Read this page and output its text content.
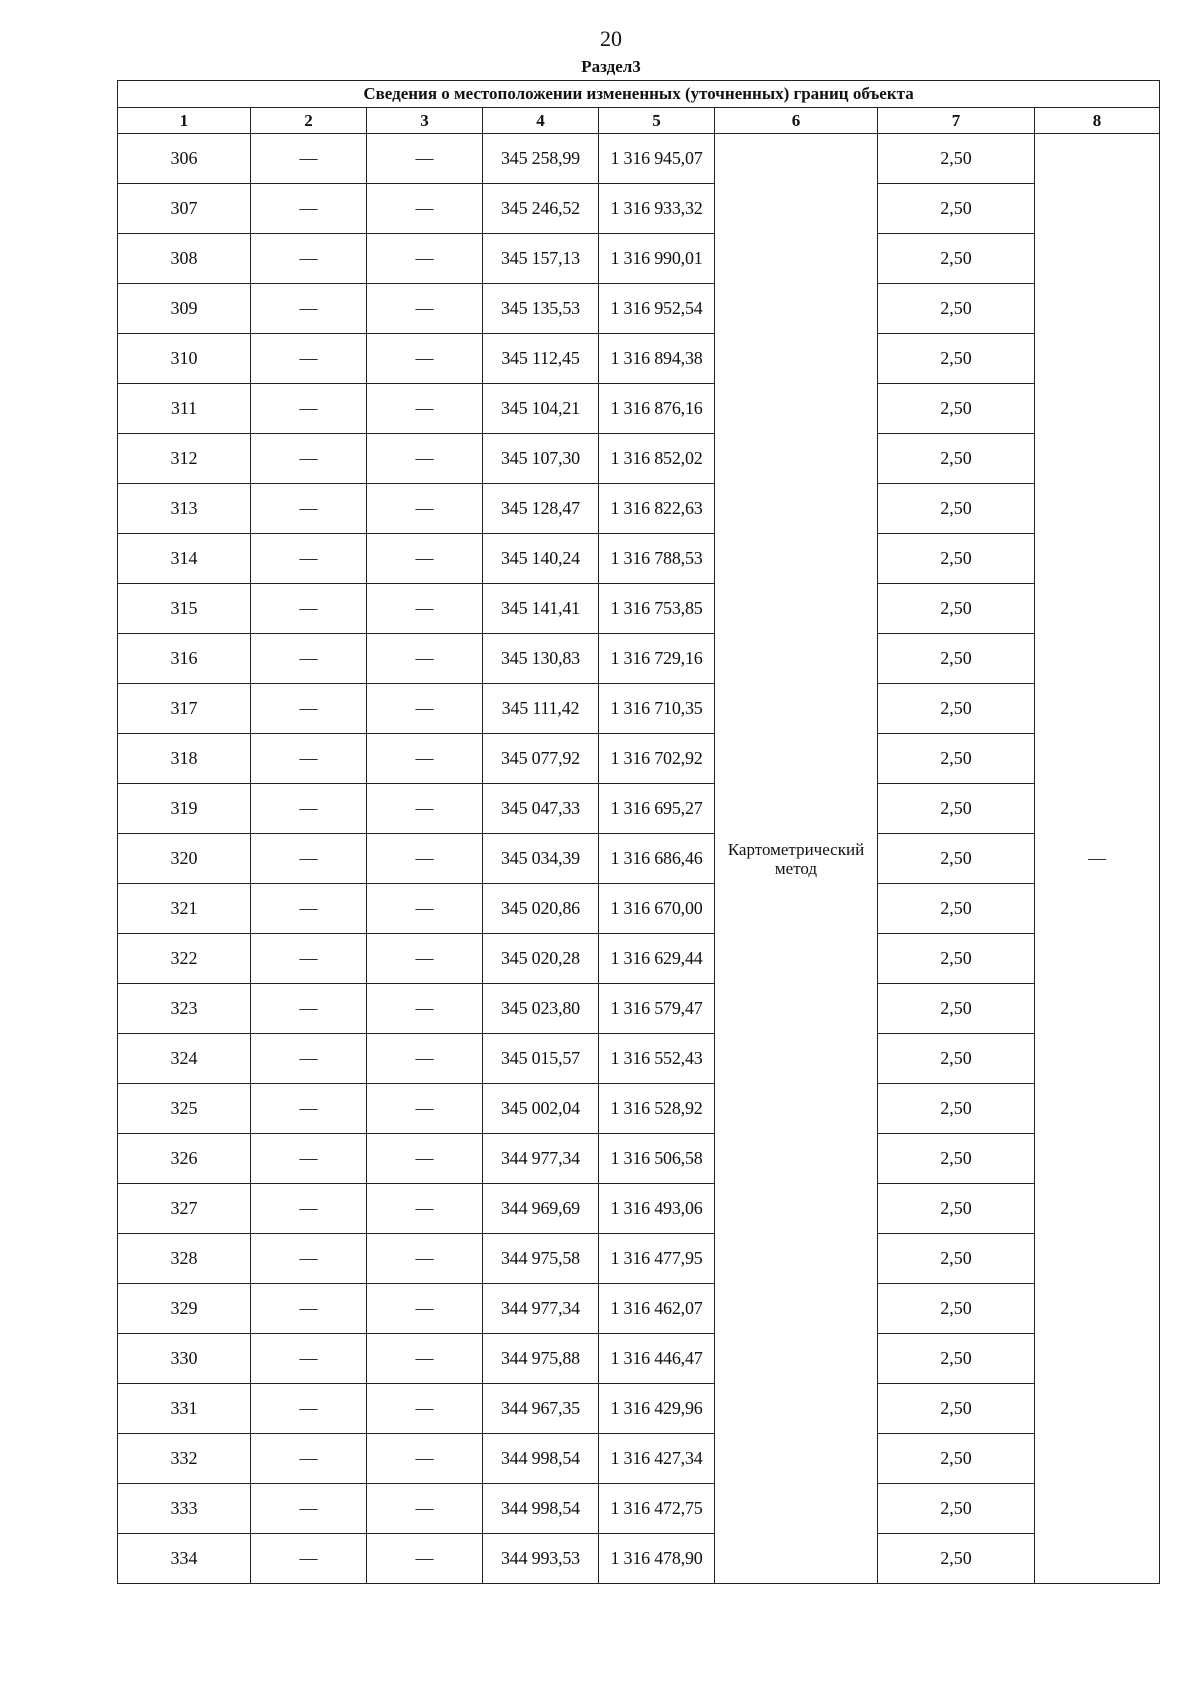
20
Раздел3
Сведения о местоположении измененных (уточненных) границ объекта							
1	2	3	4	5	6	7	8
306	—	—	345 258,99	1 316 945,07	Картометрический метод	2,50	—
307	—	—	345 246,52	1 316 933,32		2,50	
308	—	—	345 157,13	1 316 990,01		2,50	
309	—	—	345 135,53	1 316 952,54		2,50	
310	—	—	345 112,45	1 316 894,38		2,50	
311	—	—	345 104,21	1 316 876,16		2,50	
312	—	—	345 107,30	1 316 852,02		2,50	
313	—	—	345 128,47	1 316 822,63		2,50	
314	—	—	345 140,24	1 316 788,53		2,50	
315	—	—	345 141,41	1 316 753,85		2,50	
316	—	—	345 130,83	1 316 729,16		2,50	
317	—	—	345 111,42	1 316 710,35		2,50	
318	—	—	345 077,92	1 316 702,92		2,50	
319	—	—	345 047,33	1 316 695,27		2,50	
320	—	—	345 034,39	1 316 686,46		2,50	
321	—	—	345 020,86	1 316 670,00		2,50	
322	—	—	345 020,28	1 316 629,44		2,50	
323	—	—	345 023,80	1 316 579,47		2,50	
324	—	—	345 015,57	1 316 552,43		2,50	
325	—	—	345 002,04	1 316 528,92		2,50	
326	—	—	344 977,34	1 316 506,58		2,50	
327	—	—	344 969,69	1 316 493,06		2,50	
328	—	—	344 975,58	1 316 477,95		2,50	
329	—	—	344 977,34	1 316 462,07		2,50	
330	—	—	344 975,88	1 316 446,47		2,50	
331	—	—	344 967,35	1 316 429,96		2,50	
332	—	—	344 998,54	1 316 427,34		2,50	
333	—	—	344 998,54	1 316 472,75		2,50	
334	—	—	344 993,53	1 316 478,90		2,50	
